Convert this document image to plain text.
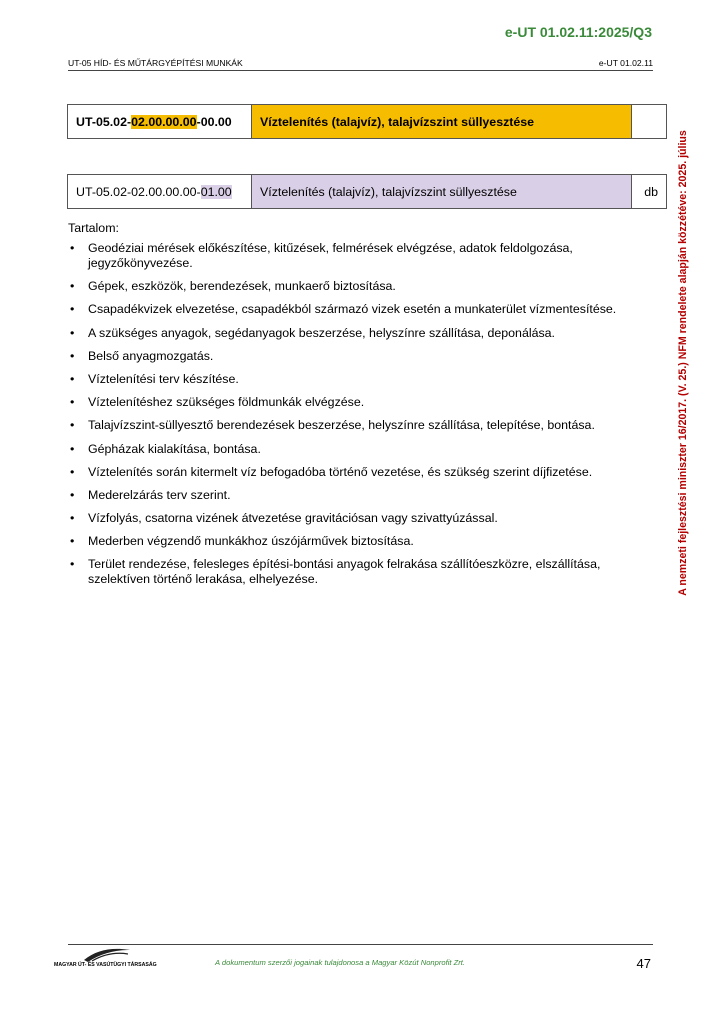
e-UT 01.02.11:2025/Q3
UT-05 HÍD- ÉS MŰTÁRGYÉPÍTÉSI MUNKÁK	e-UT 01.02.11
A nemzeti fejlesztési miniszter 16/2017. (V. 25.) NFM rendelete alapján közzétéve: 2025. július
UT-05.02-02.00.00.00-00.00	Víztelenítés (talajvíz), talajvízszint süllyesztése	
UT-05.02-02.00.00.00-01.00	Víztelenítés (talajvíz), talajvízszint süllyesztése	db

Tartalom:

• Geodéziai mérések előkészítése, kitűzések, felmérések elvégzése, adatok feldolgozása, jegyzőkönyvezése.
• Gépek, eszközök, berendezések, munkaerő biztosítása.
• Csapadékvizek elvezetése, csapadékból származó vizek esetén a munkaterület vízmentesítése.
• A szükséges anyagok, segédanyagok beszerzése, helyszínre szállítása, deponálása.
• Belső anyagmozgatás.
• Víztelenítési terv készítése.
• Víztelenítéshez szükséges földmunkák elvégzése.
• Talajvízszint-süllyesztő berendezések beszerzése, helyszínre szállítása, telepítése, bontása.
• Gépházak kialakítása, bontása.
• Víztelenítés során kitermelt víz befogadóba történő vezetése, és szükség szerint díjfizetése.
• Mederelzárás terv szerint.
• Vízfolyás, csatorna vizének átvezetése gravitációsan vagy szivattyúzással.
• Mederben végzendő munkákhoz úszójárművek biztosítása.
• Terület rendezése, felesleges építési-bontási anyagok felrakása szállítóeszközre, elszállítása, szelektíven történő lerakása, elhelyezése.
MAGYAR ÚT- ÉS VASÚTÜGYI TÁRSASÁG	A dokumentum szerzői jogainak tulajdonosa a Magyar Közút Nonprofit Zrt.	47
